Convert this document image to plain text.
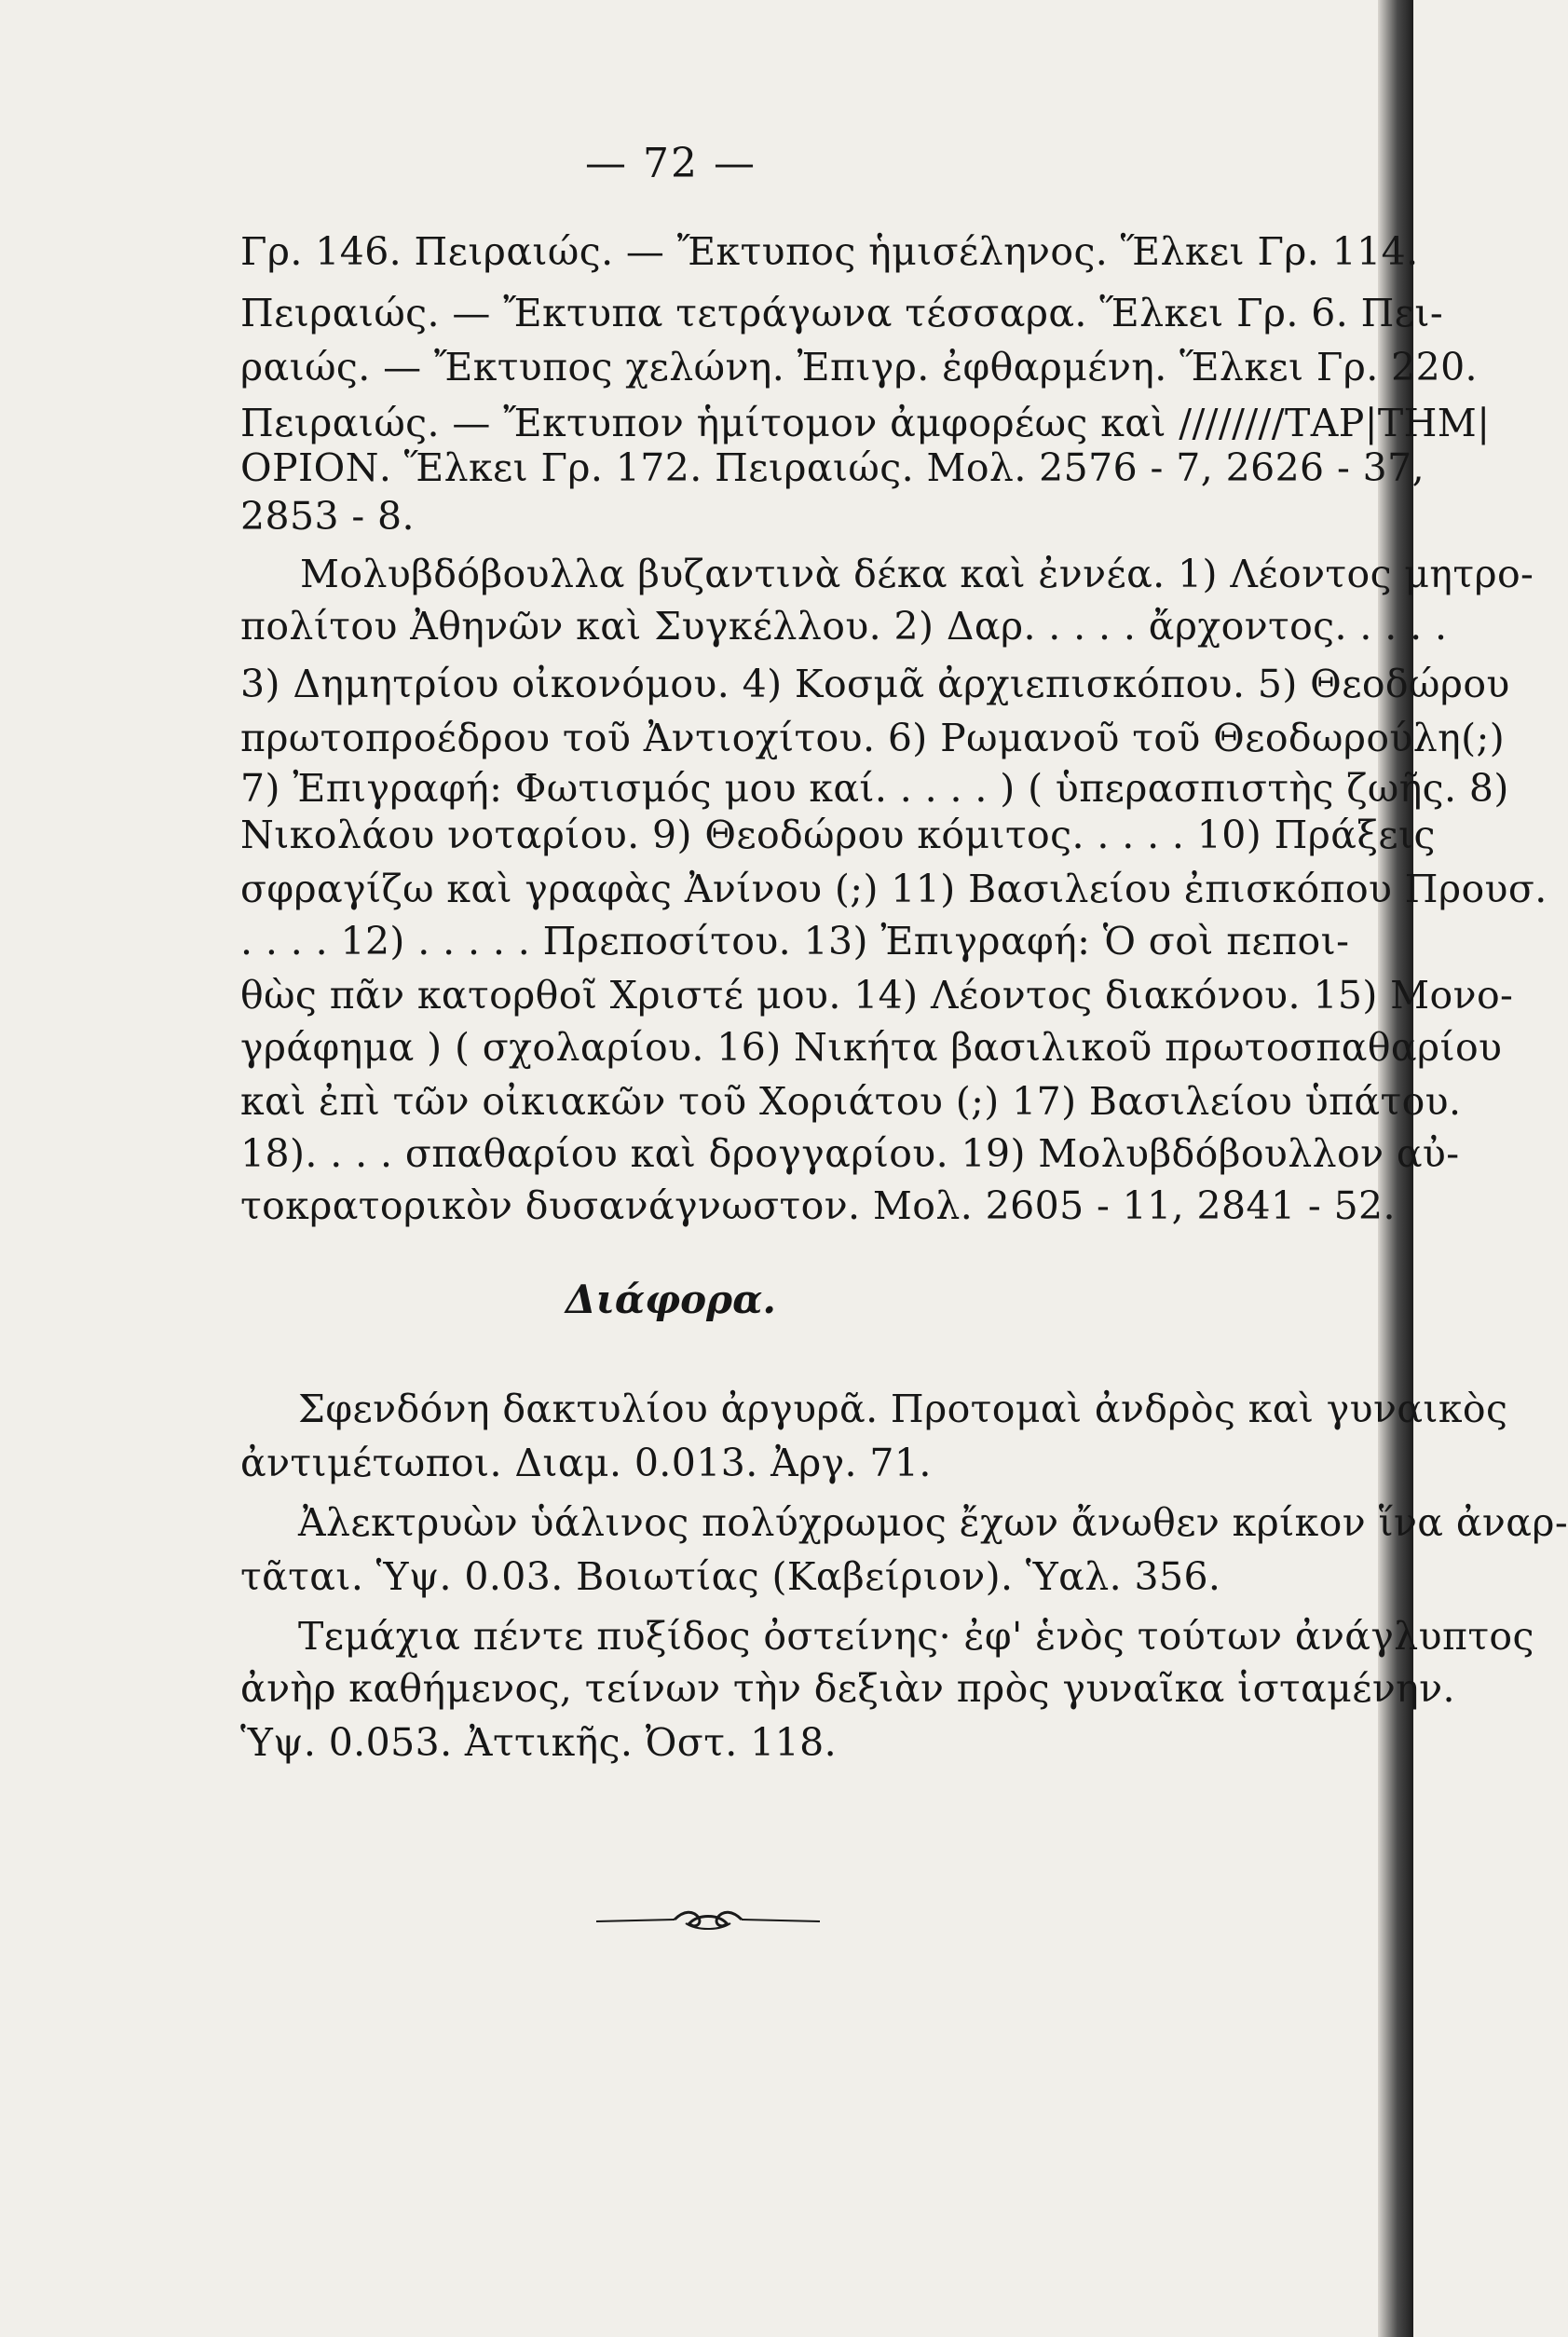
— 72 —
Γρ. 146. Πειραιώς. — Ἔκτυπος ἡμισέληνος. Ἕλκει Γρ. 114.
Πειραιώς. — Ἔκτυπα τετράγωνα τέσσαρα. Ἕλκει Γρ. 6. Πει-
ραιώς. — Ἔκτυπος χελώνη. Ἐπιγρ. ἐφθαρμένη. Ἕλκει Γρ. 220.
Πειραιώς. — Ἔκτυπον ἡμίτομον ἀμφορέως καὶ ////////ΤΑΡ|ΤΗΜ|
ΟΡΙΟΝ. Ἕλκει Γρ. 172. Πειραιώς. Μολ. 2576 - 7, 2626 - 37,
2853 - 8.
Μολυβδόβουλλα βυζαντινὰ δέκα καὶ ἐννέα. 1) Λέοντος μητρο-
πολίτου Ἀθηνῶν καὶ Συγκέλλου. 2) Δαρ. . . . . ἄρχοντος. . . . .
3) Δημητρίου οἰκονόμου. 4) Κοσμᾶ ἀρχιεπισκόπου. 5) Θεοδώρου
πρωτοπροέδρου τοῦ Ἀντιοχίτου. 6) Ρωμανοῦ τοῦ Θεοδωρούλη(;)
7) Ἐπιγραφή: Φωτισμός μου καί. . . . . ) ( ὑπερασπιστὴς ζωῆς. 8)
Νικολάου νοταρίου. 9) Θεοδώρου κόμιτος. . . . . 10) Πράξεις
σφραγίζω καὶ γραφὰς Ἀνίνου (;) 11) Βασιλείου ἐπισκόπου Προυσ.
. . . . 12) . . . . . Πρεποσίτου. 13) Ἐπιγραφή: Ὁ σοὶ πεποι-
θὼς πᾶν κατορθοῖ Χριστέ μου. 14) Λέοντος διακόνου. 15) Μονο-
γράφημα ) ( σχολαρίου. 16) Νικήτα βασιλικοῦ πρωτοσπαθαρίου
καὶ ἐπὶ τῶν οἰκιακῶν τοῦ Χοριάτου (;) 17) Βασιλείου ὑπάτου.
18). . . . σπαθαρίου καὶ δρογγαρίου. 19) Μολυβδόβουλλον αὐ-
τοκρατορικὸν δυσανάγνωστον. Μολ. 2605 - 11, 2841 - 52.
Διάφορα.
Σφενδόνη δακτυλίου ἀργυρᾶ. Προτομαὶ ἀνδρὸς καὶ γυναικὸς
ἀντιμέτωποι. Διαμ. 0.013. Ἀργ. 71.
Ἀλεκτρυὼν ὑάλινος πολύχρωμος ἔχων ἄνωθεν κρίκον ἵνα ἀναρ-
τᾶται. Ὑψ. 0.03. Βοιωτίας (Καβείριον). Ὑαλ. 356.
Τεμάχια πέντε πυξίδος ὀστείνης· ἐφ' ἑνὸς τούτων ἀνάγλυπτος
ἀνὴρ καθήμενος, τείνων τὴν δεξιὰν πρὸς γυναῖκα ἱσταμένην.
Ὑψ. 0.053. Ἀττικῆς. Ὀστ. 118.
